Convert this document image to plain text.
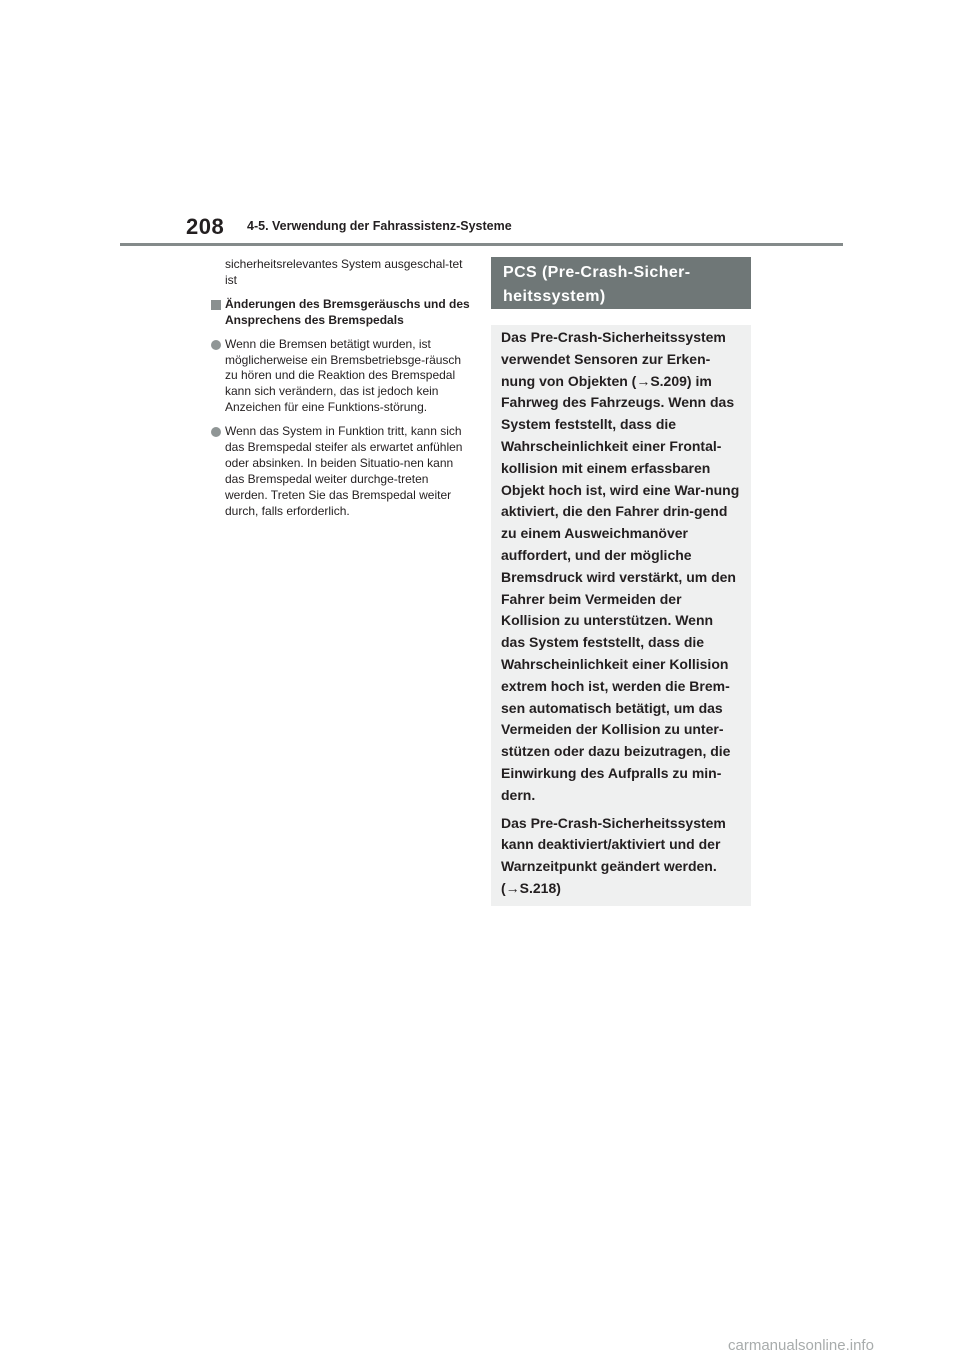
208 4-5. Verwendung der Fahrassistenz-Systeme
sicherheitsrelevantes System ausgeschal-tet ist
Änderungen des Bremsgeräuschs und des Ansprechens des Bremspedals
Wenn die Bremsen betätigt wurden, ist möglicherweise ein Bremsbetriebsge-räusch zu hören und die Reaktion des Bremspedal kann sich verändern, das ist jedoch kein Anzeichen für eine Funktions-störung.
Wenn das System in Funktion tritt, kann sich das Bremspedal steifer als erwartet anfühlen oder absinken. In beiden Situatio-nen kann das Bremspedal weiter durchge-treten werden. Treten Sie das Bremspedal weiter durch, falls erforderlich.
PCS (Pre-Crash-Sicher-heitssystem)

Das Pre-Crash-Sicherheitssystem verwendet Sensoren zur Erken-nung von Objekten (→S.209) im Fahrweg des Fahrzeugs. Wenn das System feststellt, dass die Wahrscheinlichkeit einer Frontal-kollision mit einem erfassbaren Objekt hoch ist, wird eine War-nung aktiviert, die den Fahrer drin-gend zu einem Ausweichmanöver auffordert, und der mögliche Bremsdruck wird verstärkt, um den Fahrer beim Vermeiden der Kollision zu unterstützen. Wenn das System feststellt, dass die Wahrscheinlichkeit einer Kollision extrem hoch ist, werden die Brem-sen automatisch betätigt, um das Vermeiden der Kollision zu unter-stützen oder dazu beizutragen, die Einwirkung des Aufpralls zu min-dern.

Das Pre-Crash-Sicherheitssystem kann deaktiviert/aktiviert und der Warnzeitpunkt geändert werden. (→S.218)

carmanualsonline.info
